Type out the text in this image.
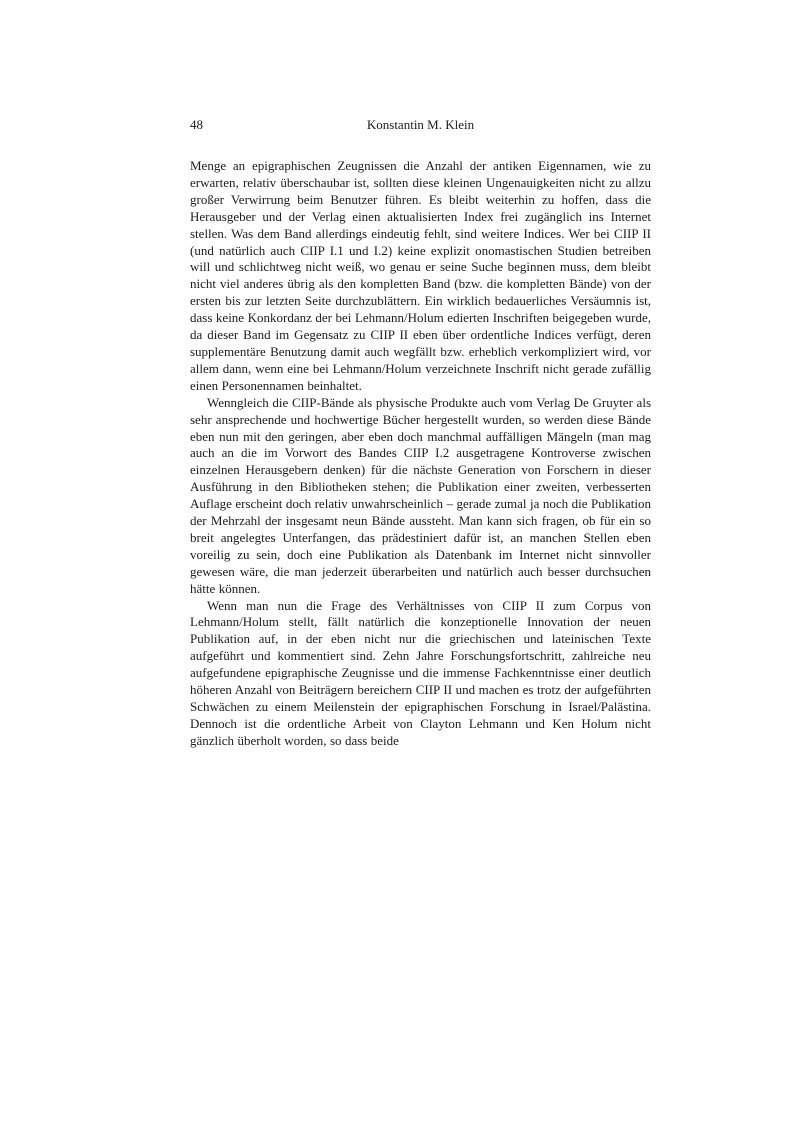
48	Konstantin M. Klein

Menge an epigraphischen Zeugnissen die Anzahl der antiken Eigennamen, wie zu erwarten, relativ überschaubar ist, sollten diese kleinen Ungenauigkeiten nicht zu allzu großer Verwirrung beim Benutzer führen. Es bleibt weiterhin zu hoffen, dass die Herausgeber und der Verlag einen aktualisierten Index frei zugänglich ins Internet stellen. Was dem Band allerdings eindeutig fehlt, sind weitere Indices. Wer bei CIIP II (und natürlich auch CIIP I.1 und I.2) keine explizit onomastischen Studien betreiben will und schlichtweg nicht weiß, wo genau er seine Suche beginnen muss, dem bleibt nicht viel anderes übrig als den kompletten Band (bzw. die kompletten Bände) von der ersten bis zur letzten Seite durchzublättern. Ein wirklich bedauerliches Versäumnis ist, dass keine Konkordanz der bei Lehmann/Holum edierten Inschriften beigegeben wurde, da dieser Band im Gegensatz zu CIIP II eben über ordentliche Indices verfügt, deren supplementäre Benutzung damit auch wegfällt bzw. erheblich verkompliziert wird, vor allem dann, wenn eine bei Lehmann/Holum verzeichnete Inschrift nicht gerade zufällig einen Personennamen beinhaltet.

Wenngleich die CIIP-Bände als physische Produkte auch vom Verlag De Gruyter als sehr ansprechende und hochwertige Bücher hergestellt wurden, so werden diese Bände eben nun mit den geringen, aber eben doch manchmal auffälligen Mängeln (man mag auch an die im Vorwort des Bandes CIIP I.2 ausgetragene Kontroverse zwischen einzelnen Herausgebern denken) für die nächste Generation von Forschern in dieser Ausführung in den Bibliotheken stehen; die Publikation einer zweiten, verbesserten Auflage erscheint doch relativ unwahrscheinlich – gerade zumal ja noch die Publikation der Mehrzahl der insgesamt neun Bände aussteht. Man kann sich fragen, ob für ein so breit angelegtes Unterfangen, das prädestiniert dafür ist, an manchen Stellen eben voreilig zu sein, doch eine Publikation als Datenbank im Internet nicht sinnvoller gewesen wäre, die man jederzeit überarbeiten und natürlich auch besser durchsuchen hätte können.

Wenn man nun die Frage des Verhältnisses von CIIP II zum Corpus von Lehmann/Holum stellt, fällt natürlich die konzeptionelle Innovation der neuen Publikation auf, in der eben nicht nur die griechischen und lateinischen Texte aufgeführt und kommentiert sind. Zehn Jahre Forschungsfortschritt, zahlreiche neu aufgefundene epigraphische Zeugnisse und die immense Fachkenntnisse einer deutlich höheren Anzahl von Beiträgern bereichern CIIP II und machen es trotz der aufgeführten Schwächen zu einem Meilenstein der epigraphischen Forschung in Israel/Palästina. Dennoch ist die ordentliche Arbeit von Clayton Lehmann und Ken Holum nicht gänzlich überholt worden, so dass beide
